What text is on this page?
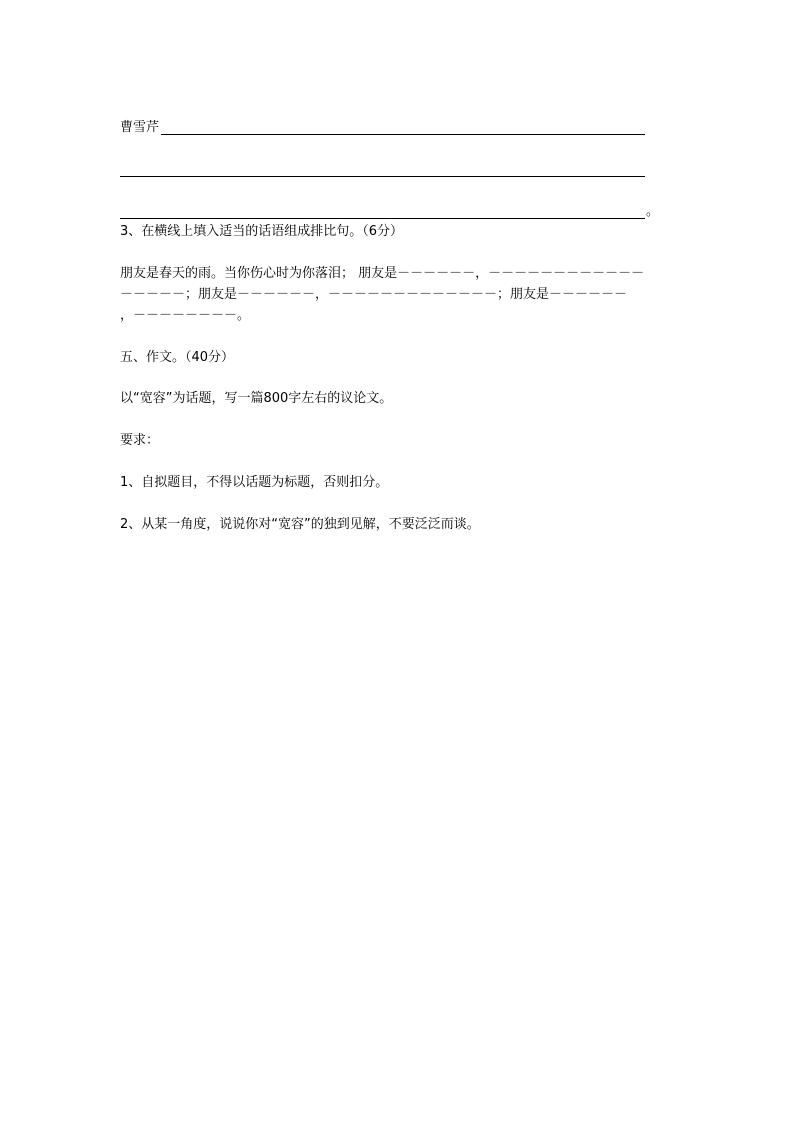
曹雪芹
。
3、在横线上填入适当的话语组成排比句。（6分）
朋友是春天的雨。当你伤心时为你落泪； 朋友是－－－－－－，－－－－－－－－－－－－
－－－－－；朋友是－－－－－－，－－－－－－－－－－－－－；朋友是－－－－－－
，－－－－－－－－。
五、作文。（40分）
以“宽容”为话题，写一篇800字左右的议论文。
要求：
1、自拟题目，不得以话题为标题，否则扣分。
2、从某一角度，说说你对“宽容”的独到见解，不要泛泛而谈。
